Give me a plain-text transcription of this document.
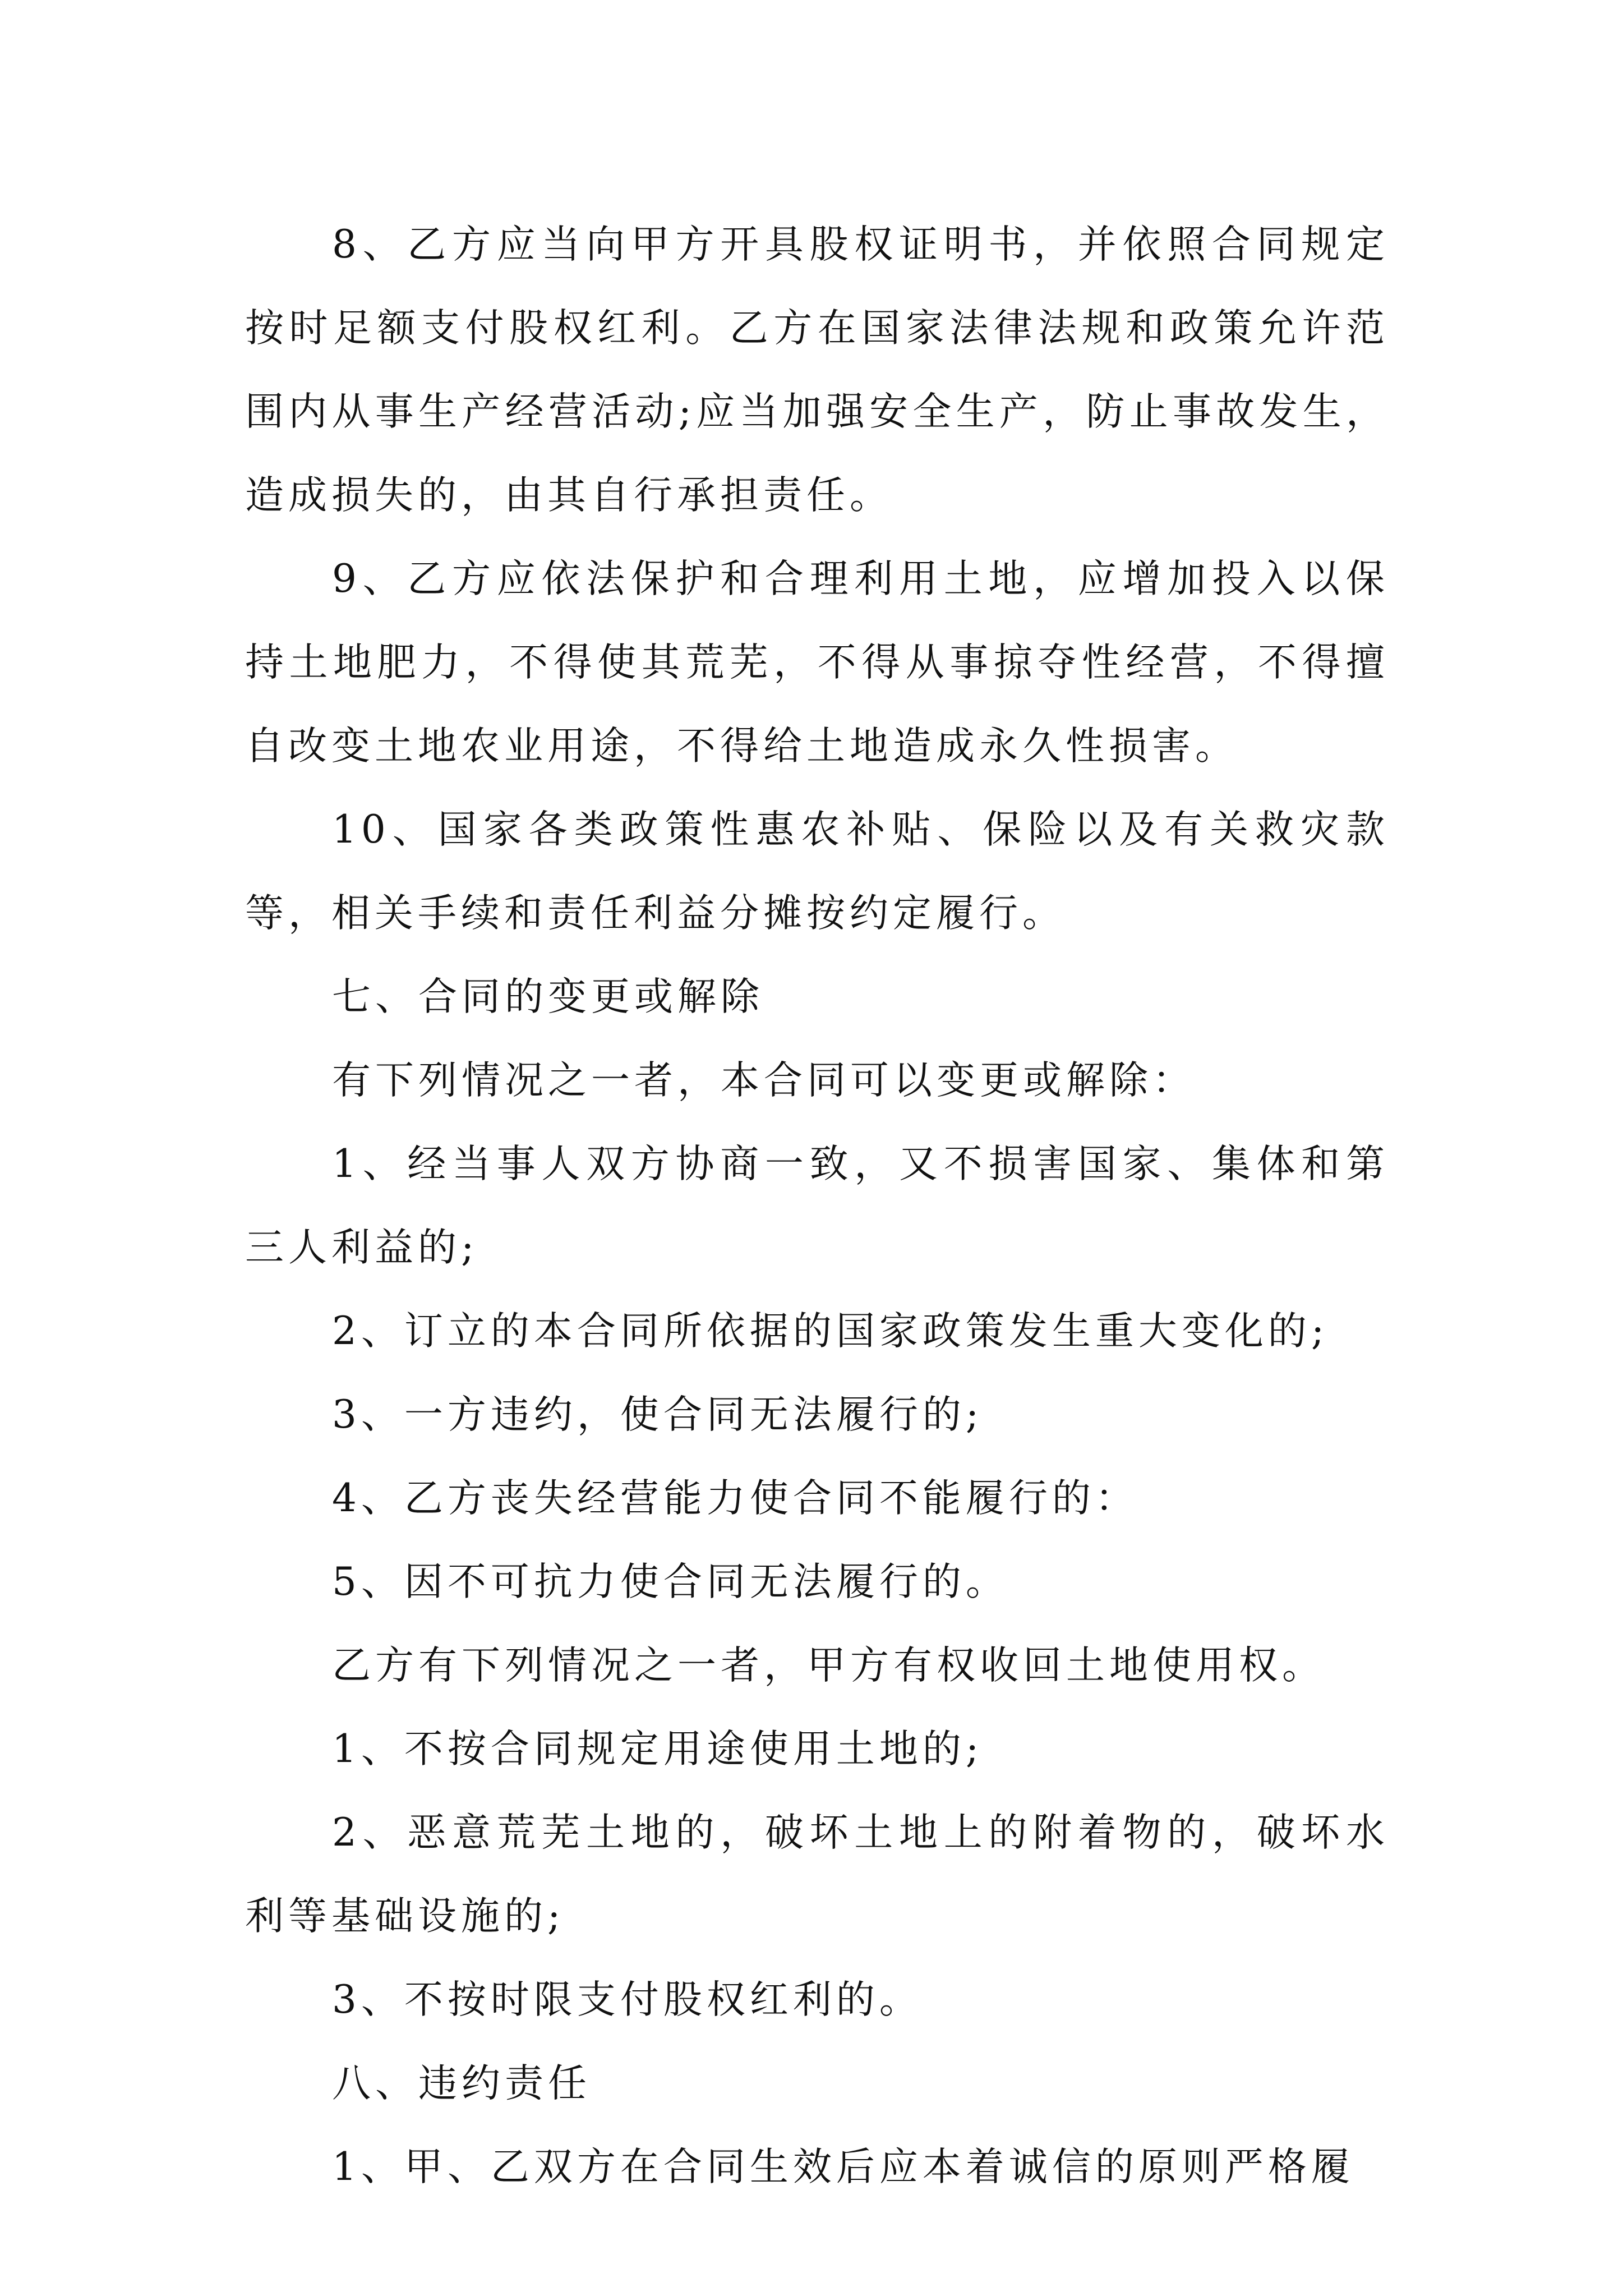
8、乙方应当向甲方开具股权证明书，并依照合同规定按时足额支付股权红利。乙方在国家法律法规和政策允许范围内从事生产经营活动;应当加强安全生产，防止事故发生，造成损失的，由其自行承担责任。

9、乙方应依法保护和合理利用土地，应增加投入以保持土地肥力，不得使其荒芜，不得从事掠夺性经营，不得擅自改变土地农业用途，不得给土地造成永久性损害。

10、国家各类政策性惠农补贴、保险以及有关救灾款等，相关手续和责任利益分摊按约定履行。

七、合同的变更或解除

有下列情况之一者，本合同可以变更或解除：

1、经当事人双方协商一致，又不损害国家、集体和第三人利益的;

2、订立的本合同所依据的国家政策发生重大变化的;

3、一方违约，使合同无法履行的;

4、乙方丧失经营能力使合同不能履行的：

5、因不可抗力使合同无法履行的。

乙方有下列情况之一者，甲方有权收回土地使用权。

1、不按合同规定用途使用土地的;

2、恶意荒芜土地的，破坏土地上的附着物的，破坏水利等基础设施的;

3、不按时限支付股权红利的。

八、违约责任

1、甲、乙双方在合同生效后应本着诚信的原则严格履
